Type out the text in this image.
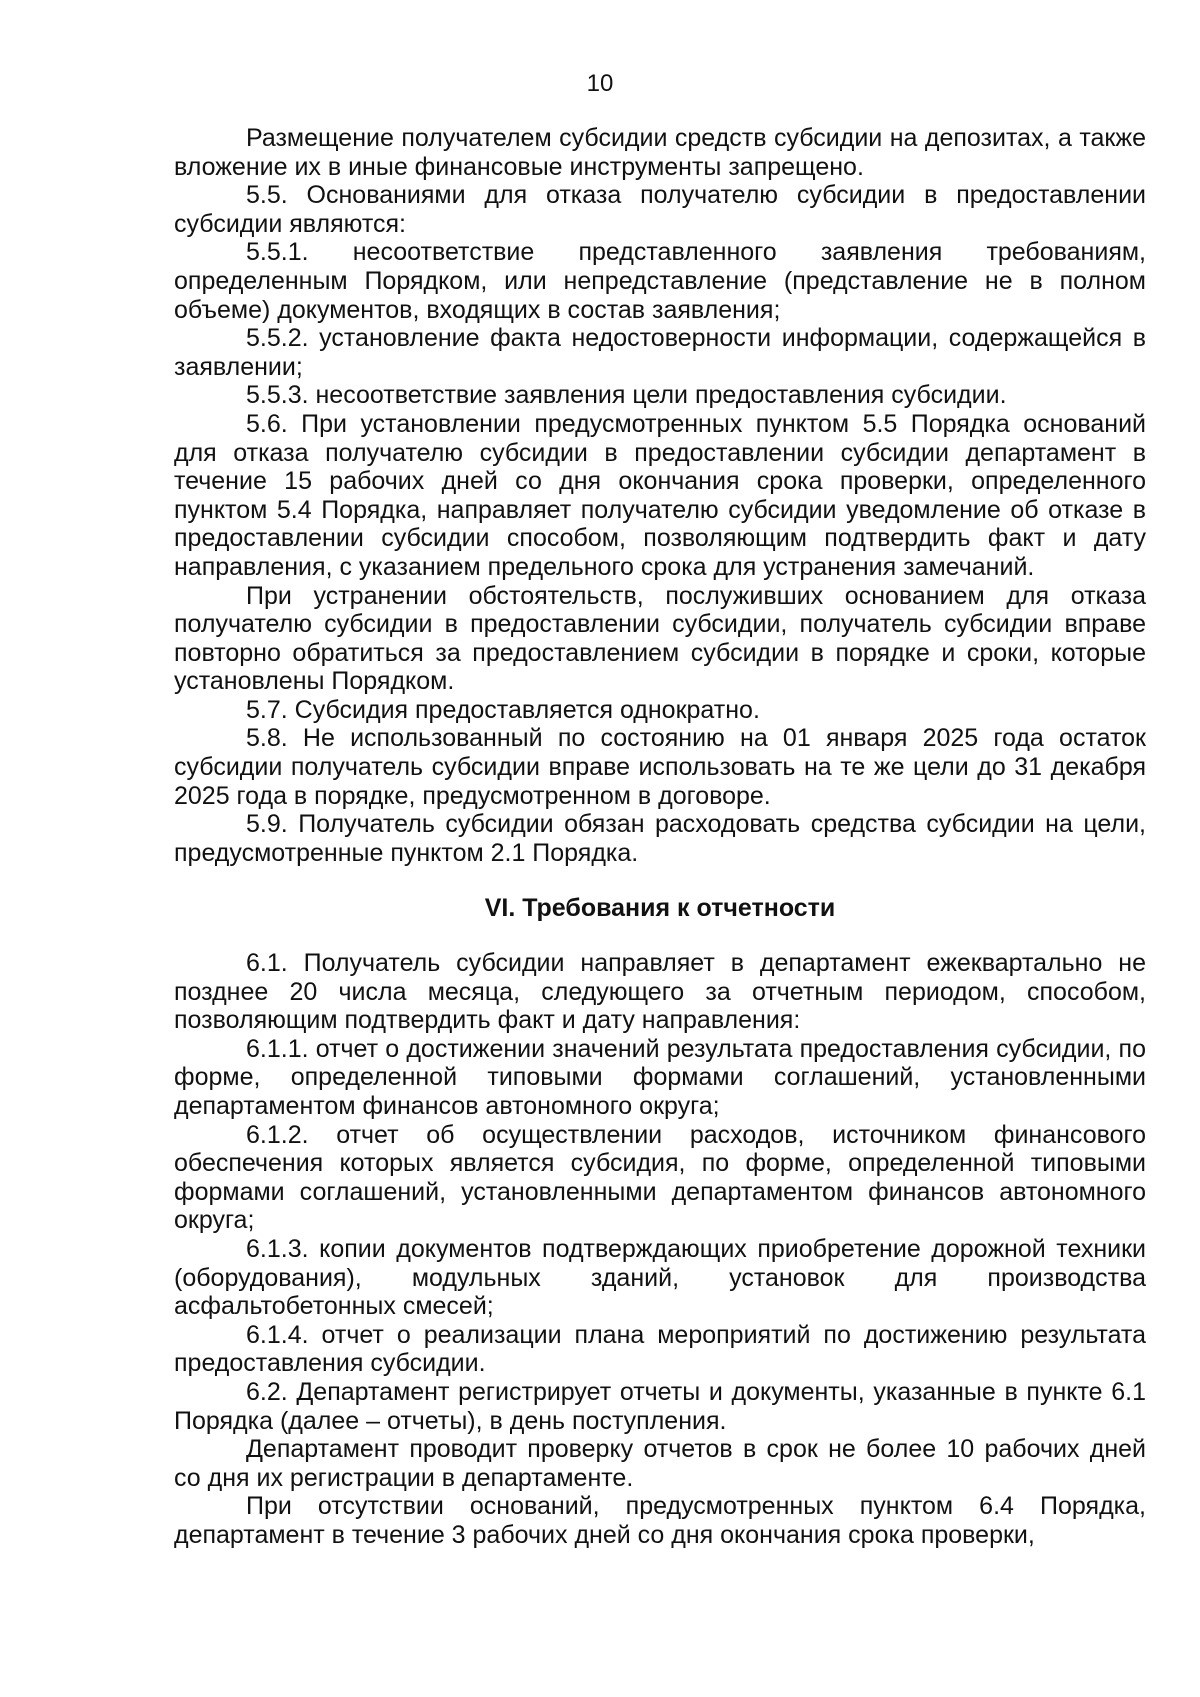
10

Размещение получателем субсидии средств субсидии на депозитах, а также вложение их в иные финансовые инструменты запрещено.

5.5. Основаниями для отказа получателю субсидии в предоставлении субсидии являются:

5.5.1. несоответствие представленного заявления требованиям, определенным Порядком, или непредставление (представление не в полном объеме) документов, входящих в состав заявления;

5.5.2. установление факта недостоверности информации, содержащейся в заявлении;

5.5.3. несоответствие заявления цели предоставления субсидии.

5.6. При установлении предусмотренных пунктом 5.5 Порядка оснований для отказа получателю субсидии в предоставлении субсидии департамент в течение 15 рабочих дней со дня окончания срока проверки, определенного пунктом 5.4 Порядка, направляет получателю субсидии уведомление об отказе в предоставлении субсидии способом, позволяющим подтвердить факт и дату направления, с указанием предельного срока для устранения замечаний.

При устранении обстоятельств, послуживших основанием для отказа получателю субсидии в предоставлении субсидии, получатель субсидии вправе повторно обратиться за предоставлением субсидии в порядке и сроки, которые установлены Порядком.

5.7. Субсидия предоставляется однократно.

5.8. Не использованный по состоянию на 01 января 2025 года остаток субсидии получатель субсидии вправе использовать на те же цели до 31 декабря 2025 года в порядке, предусмотренном в договоре.

5.9. Получатель субсидии обязан расходовать средства субсидии на цели, предусмотренные пунктом 2.1 Порядка.

VI. Требования к отчетности

6.1. Получатель субсидии направляет в департамент ежеквартально не позднее 20 числа месяца, следующего за отчетным периодом, способом, позволяющим подтвердить факт и дату направления:

6.1.1. отчет о достижении значений результата предоставления субсидии, по форме, определенной типовыми формами соглашений, установленными департаментом финансов автономного округа;

6.1.2. отчет об осуществлении расходов, источником финансового обеспечения которых является субсидия, по форме, определенной типовыми формами соглашений, установленными департаментом финансов автономного округа;

6.1.3. копии документов подтверждающих приобретение дорожной техники (оборудования), модульных зданий, установок для производства асфальтобетонных смесей;

6.1.4. отчет о реализации плана мероприятий по достижению результата предоставления субсидии.

6.2. Департамент регистрирует отчеты и документы, указанные в пункте 6.1 Порядка (далее – отчеты), в день поступления.

Департамент проводит проверку отчетов в срок не более 10 рабочих дней со дня их регистрации в департаменте.

При отсутствии оснований, предусмотренных пунктом 6.4 Порядка, департамент в течение 3 рабочих дней со дня окончания срока проверки,
